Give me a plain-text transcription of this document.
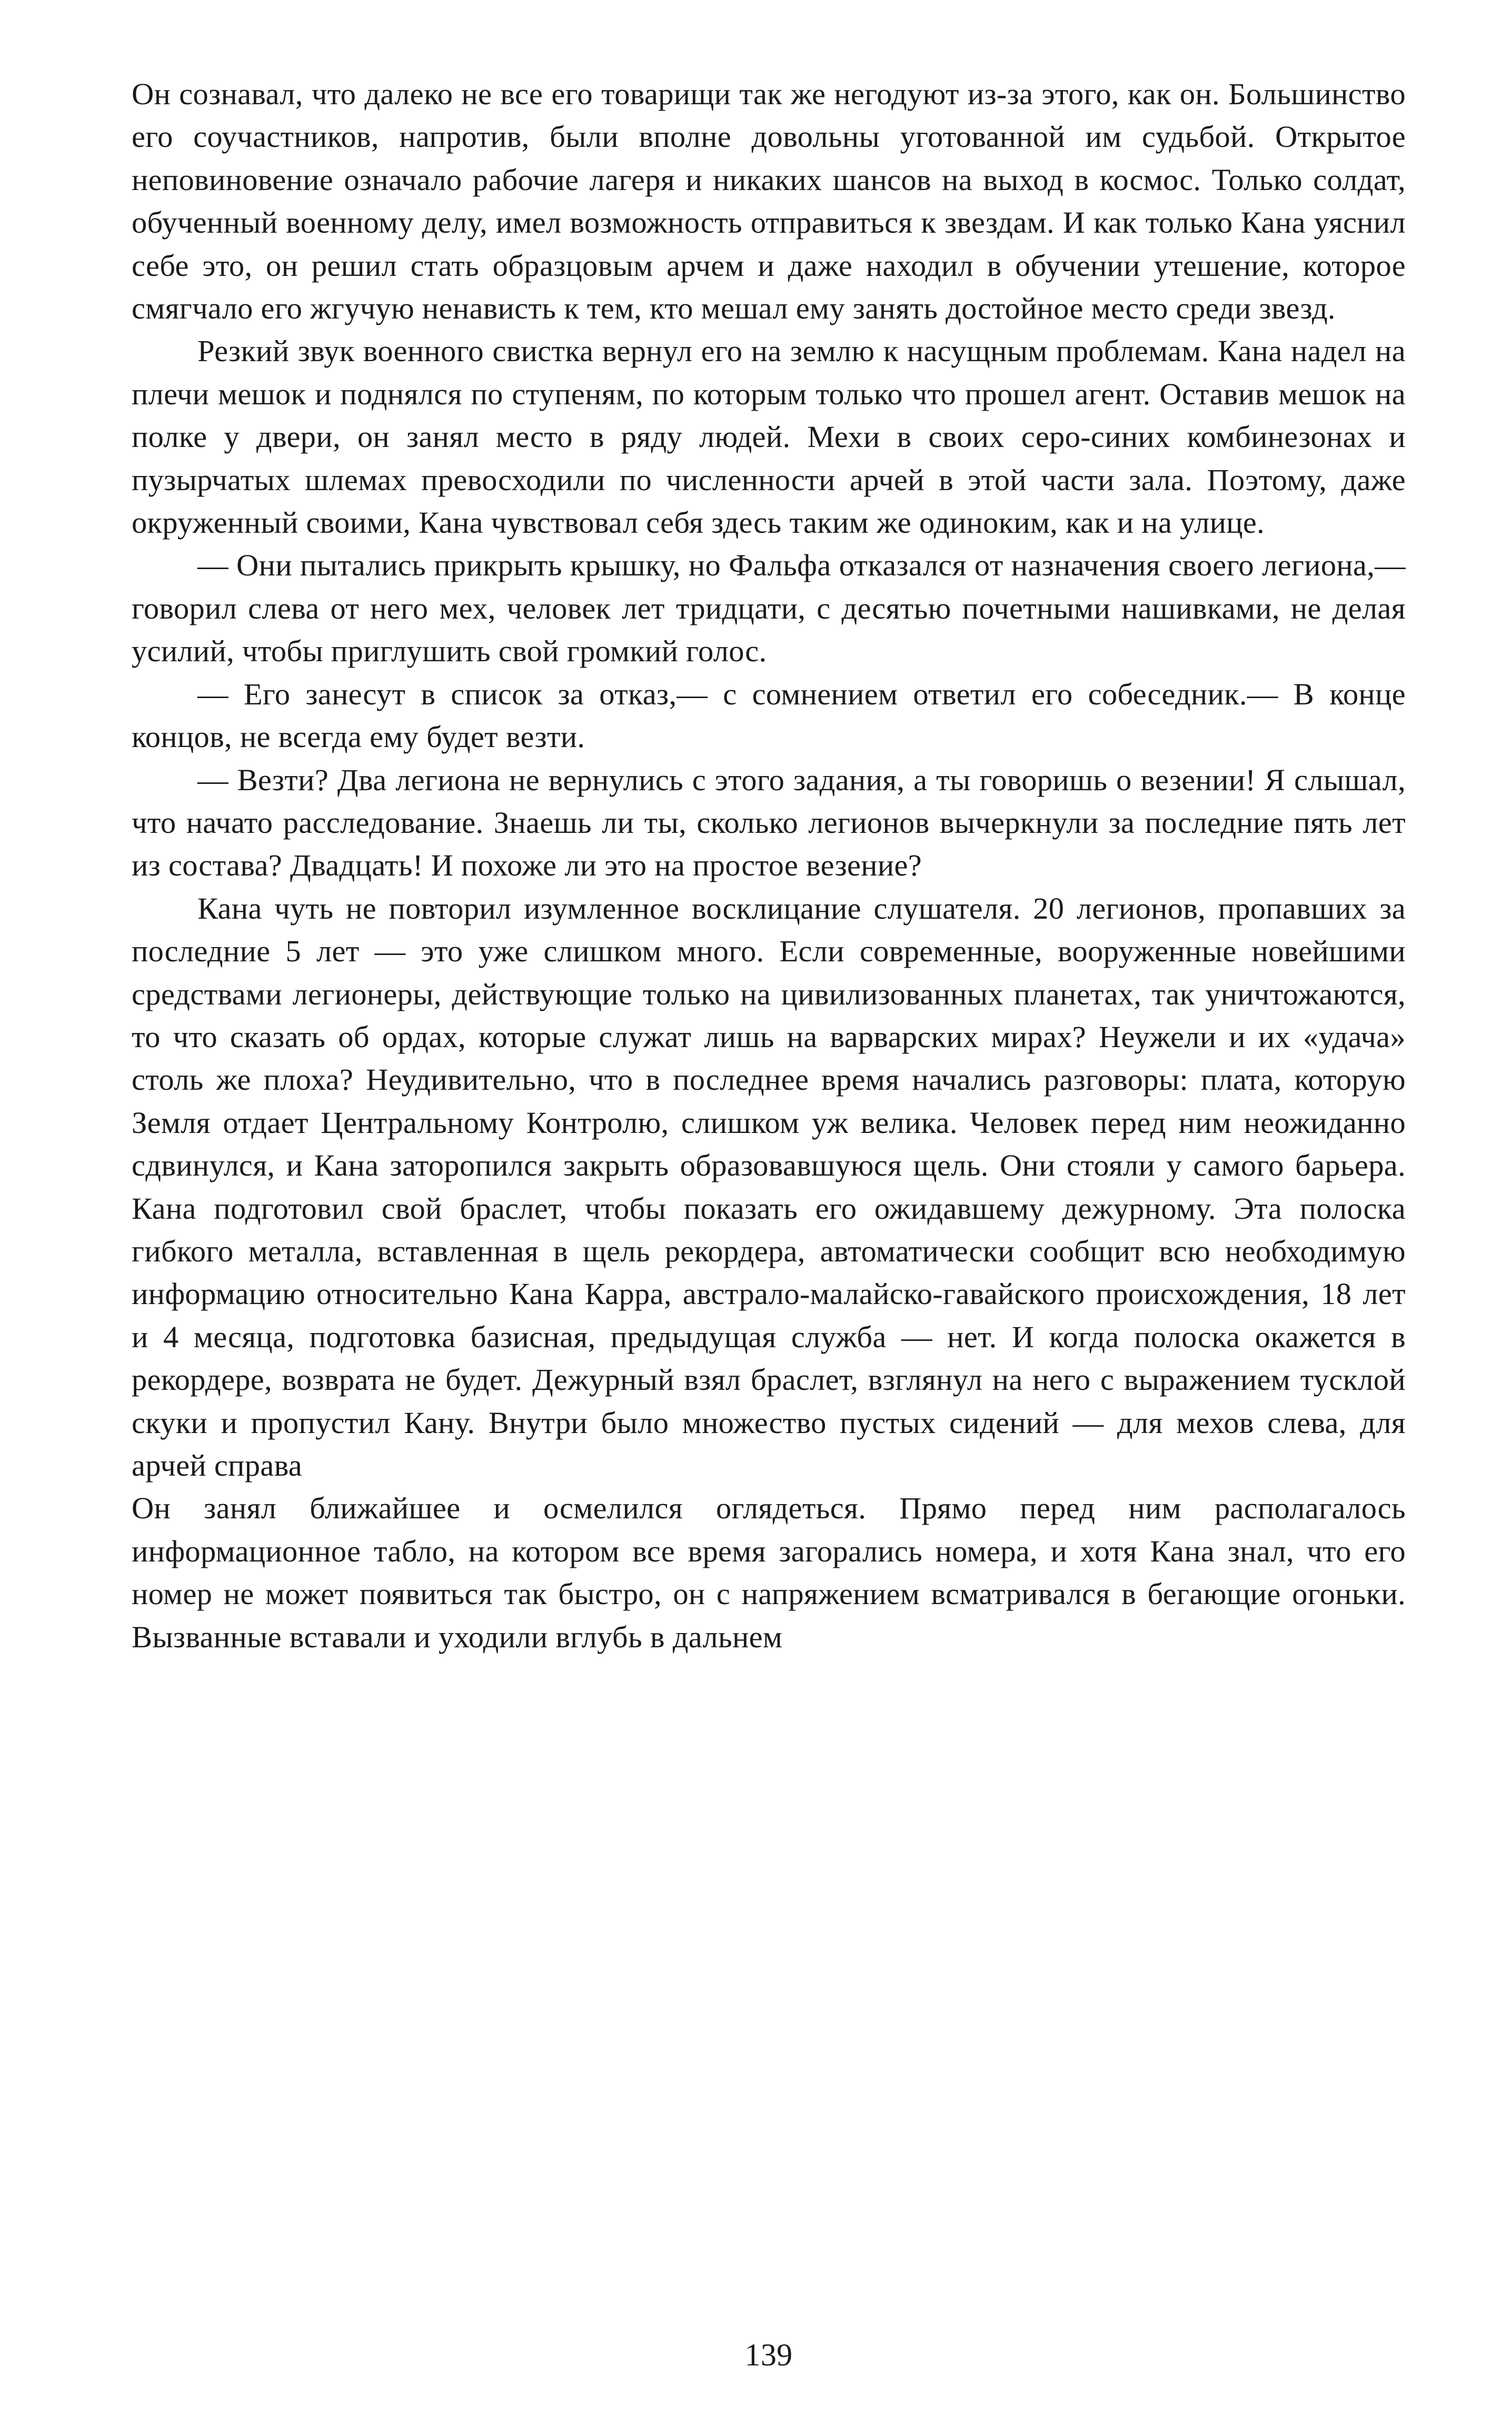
Он сознавал, что далеко не все его товарищи так же негодуют из-за этого, как он. Большинство его соучастников, напротив, были вполне довольны уготованной им судьбой. Открытое неповиновение означало рабочие лагеря и никаких шансов на выход в космос. Только солдат, обученный военному делу, имел возможность отправиться к звездам. И как только Кана уяснил себе это, он решил стать образцовым арчем и даже находил в обучении утешение, которое смягчало его жгучую ненависть к тем, кто мешал ему занять достойное место среди звезд.

Резкий звук военного свистка вернул его на землю к насущным проблемам. Кана надел на плечи мешок и поднялся по ступеням, по которым только что прошел агент. Оставив мешок на полке у двери, он занял место в ряду людей. Мехи в своих серо-синих комбинезонах и пузырчатых шлемах превосходили по численности арчей в этой части зала. Поэтому, даже окруженный своими, Кана чувствовал себя здесь таким же одиноким, как и на улице.

— Они пытались прикрыть крышку, но Фальфа отказался от назначения своего легиона,— говорил слева от него мех, человек лет тридцати, с десятью почетными нашивками, не делая усилий, чтобы приглушить свой громкий голос.

— Его занесут в список за отказ,— с сомнением ответил его собеседник.— В конце концов, не всегда ему будет везти.

— Везти? Два легиона не вернулись с этого задания, а ты говоришь о везении! Я слышал, что начато расследование. Знаешь ли ты, сколько легионов вычеркнули за последние пять лет из состава? Двадцать! И похоже ли это на простое везение?

Кана чуть не повторил изумленное восклицание слушателя. 20 легионов, пропавших за последние 5 лет — это уже слишком много. Если современные, вооруженные новейшими средствами легионеры, действующие только на цивилизованных планетах, так уничтожаются, то что сказать об ордах, которые служат лишь на варварских мирах? Неужели и их «удача» столь же плоха? Неудивительно, что в последнее время начались разговоры: плата, которую Земля отдает Центральному Контролю, слишком уж велика. Человек перед ним неожиданно сдвинулся, и Кана заторопился закрыть образовавшуюся щель. Они стояли у самого барьера. Кана подготовил свой браслет, чтобы показать его ожидавшему дежурному. Эта полоска гибкого металла, вставленная в щель рекордера, автоматически сообщит всю необходимую информацию относительно Кана Карра, австрало-малайско-гавайского происхождения, 18 лет и 4 месяца, подготовка базисная, предыдущая служба — нет. И когда полоска окажется в рекордере, возврата не будет. Дежурный взял браслет, взглянул на него с выражением тусклой скуки и пропустил Кану. Внутри было множество пустых сидений — для мехов слева, для арчей справа

Он занял ближайшее и осмелился оглядеться. Прямо перед ним располагалось информационное табло, на котором все время загорались номера, и хотя Кана знал, что его номер не может появиться так быстро, он с напряжением всматривался в бегающие огоньки. Вызванные вставали и уходили вглубь в дальнем

139
